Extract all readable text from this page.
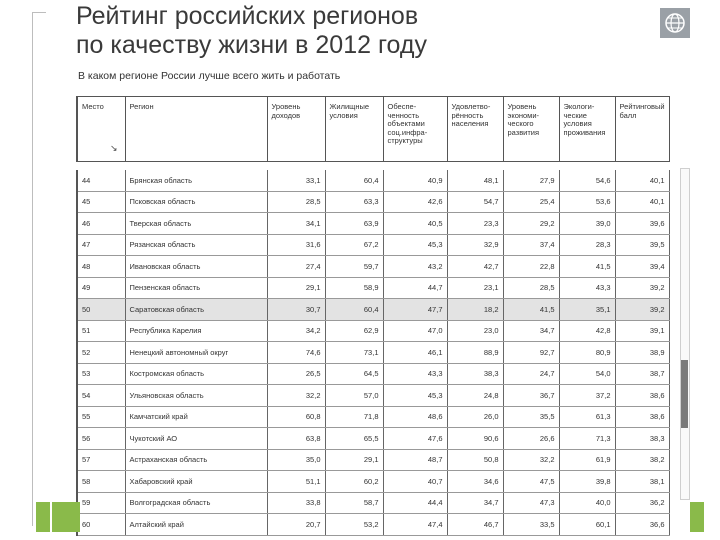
Рейтинг российских регионов
по качеству жизни в 2012 году
В каком регионе России лучше всего жить и работать
Место	Регион	Уровень доходов	Жилищные условия	Обеспе-ченность объектами соц.инфра-структуры	Удовлетво-рённость населения	Уровень экономи-ческого развития	Экологи-ческие условия проживания	Рейтинговый балл
↘
44	Брянская область	33,1	60,4	40,9	48,1	27,9	54,6	40,1
45	Псковская область	28,5	63,3	42,6	54,7	25,4	53,6	40,1
46	Тверская область	34,1	63,9	40,5	23,3	29,2	39,0	39,6
47	Рязанская область	31,6	67,2	45,3	32,9	37,4	28,3	39,5
48	Ивановская область	27,4	59,7	43,2	42,7	22,8	41,5	39,4
49	Пензенская область	29,1	58,9	44,7	23,1	28,5	43,3	39,2
50	Саратовская область	30,7	60,4	47,7	18,2	41,5	35,1	39,2
51	Республика Карелия	34,2	62,9	47,0	23,0	34,7	42,8	39,1
52	Ненецкий автономный округ	74,6	73,1	46,1	88,9	92,7	80,9	38,9
53	Костромская область	26,5	64,5	43,3	38,3	24,7	54,0	38,7
54	Ульяновская область	32,2	57,0	45,3	24,8	36,7	37,2	38,6
55	Камчатский край	60,8	71,8	48,6	26,0	35,5	61,3	38,6
56	Чукотский АО	63,8	65,5	47,6	90,6	26,6	71,3	38,3
57	Астраханская область	35,0	29,1	48,7	50,8	32,2	61,9	38,2
58	Хабаровский край	51,1	60,2	40,7	34,6	47,5	39,8	38,1
59	Волгоградская область	33,8	58,7	44,4	34,7	47,3	40,0	36,2
60	Алтайский край	20,7	53,2	47,4	46,7	33,5	60,1	36,6
